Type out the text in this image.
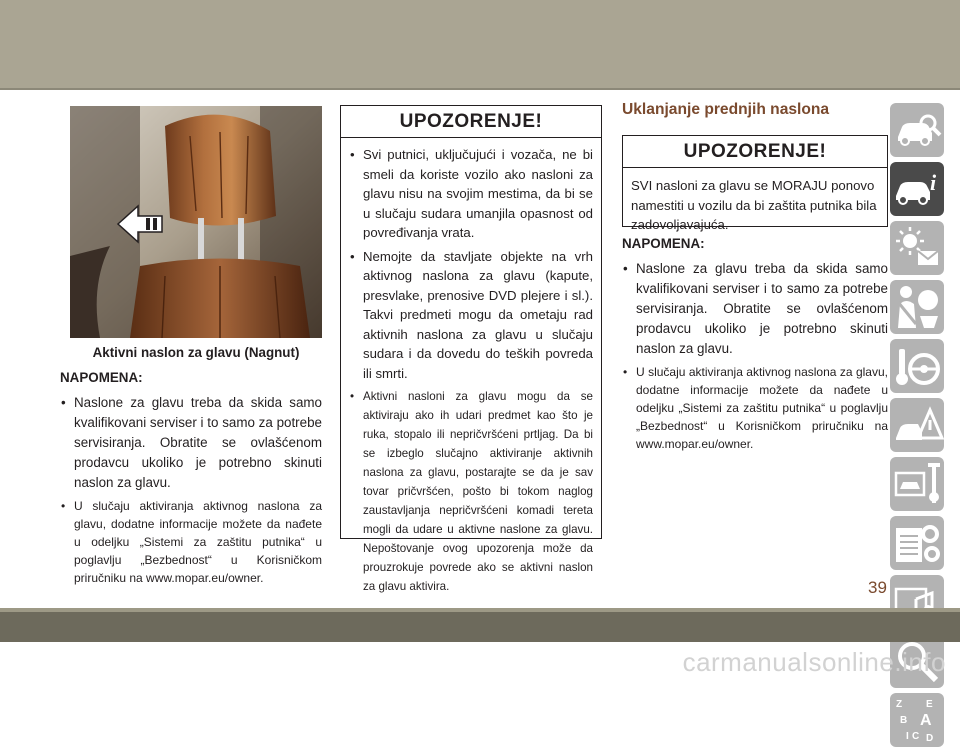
Aktivni naslon za glavu (Nagnut)
NAPOMENA:
• Naslone za glavu treba da skida samo kvalifikovani serviser i to samo za potrebe servisiranja. Obratite se ovlašćenom prodavcu ukoliko je potrebno skinuti naslon za glavu.
• U slučaju aktiviranja aktivnog naslona za glavu, dodatne informacije možete da nađete u odeljku „Sistemi za zaštitu putnika“ u poglavlju „Bezbednost“ u Korisničkom priručniku na www.mopar.eu/owner.
UPOZORENJE!
• Svi putnici, uključujući i vozača, ne bi smeli da koriste vozilo ako nasloni za glavu nisu na svojim mestima, da bi se u slučaju sudara umanjila opasnost od povređivanja vrata.
• Nemojte da stavljate objekte na vrh aktivnog naslona za glavu (kapute, presvlake, prenosive DVD plejere i sl.). Takvi predmeti mogu da ometaju rad aktivnih naslona za glavu u slučaju sudara i da dovedu do teških povreda ili smrti.
• Aktivni nasloni za glavu mogu da se aktiviraju ako ih udari predmet kao što je ruka, stopalo ili nepričvršćeni prtljag. Da bi se izbeglo slučajno aktiviranje aktivnih naslona za glavu, postarajte se da je sav tovar pričvršćen, pošto bi tokom naglog zaustavljanja nepričvršćeni komadi tereta mogli da udare u aktivne naslone za glavu. Nepoštovanje ovog upozorenja može da prouzrokuje povrede ako se aktivni naslon za glavu aktivira.
Uklanjanje prednjih naslona
UPOZORENJE!
SVI nasloni za glavu se MORAJU ponovo namestiti u vozilu da bi zaštita putnika bila zadovoljavajuća.
NAPOMENA:
• Naslone za glavu treba da skida samo kvalifikovani serviser i to samo za potrebe servisiranja. Obratite se ovlašćenom prodavcu ukoliko je potrebno skinuti naslon za glavu.
• U slučaju aktiviranja aktivnog naslona za glavu, dodatne informacije možete da nađete u odeljku „Sistemi za zaštitu putnika“ u poglavlju „Bezbednost“ u Korisničkom priručniku na www.mopar.eu/owner.
i
Z E
B A
I C D
39
carmanualsonline.info
